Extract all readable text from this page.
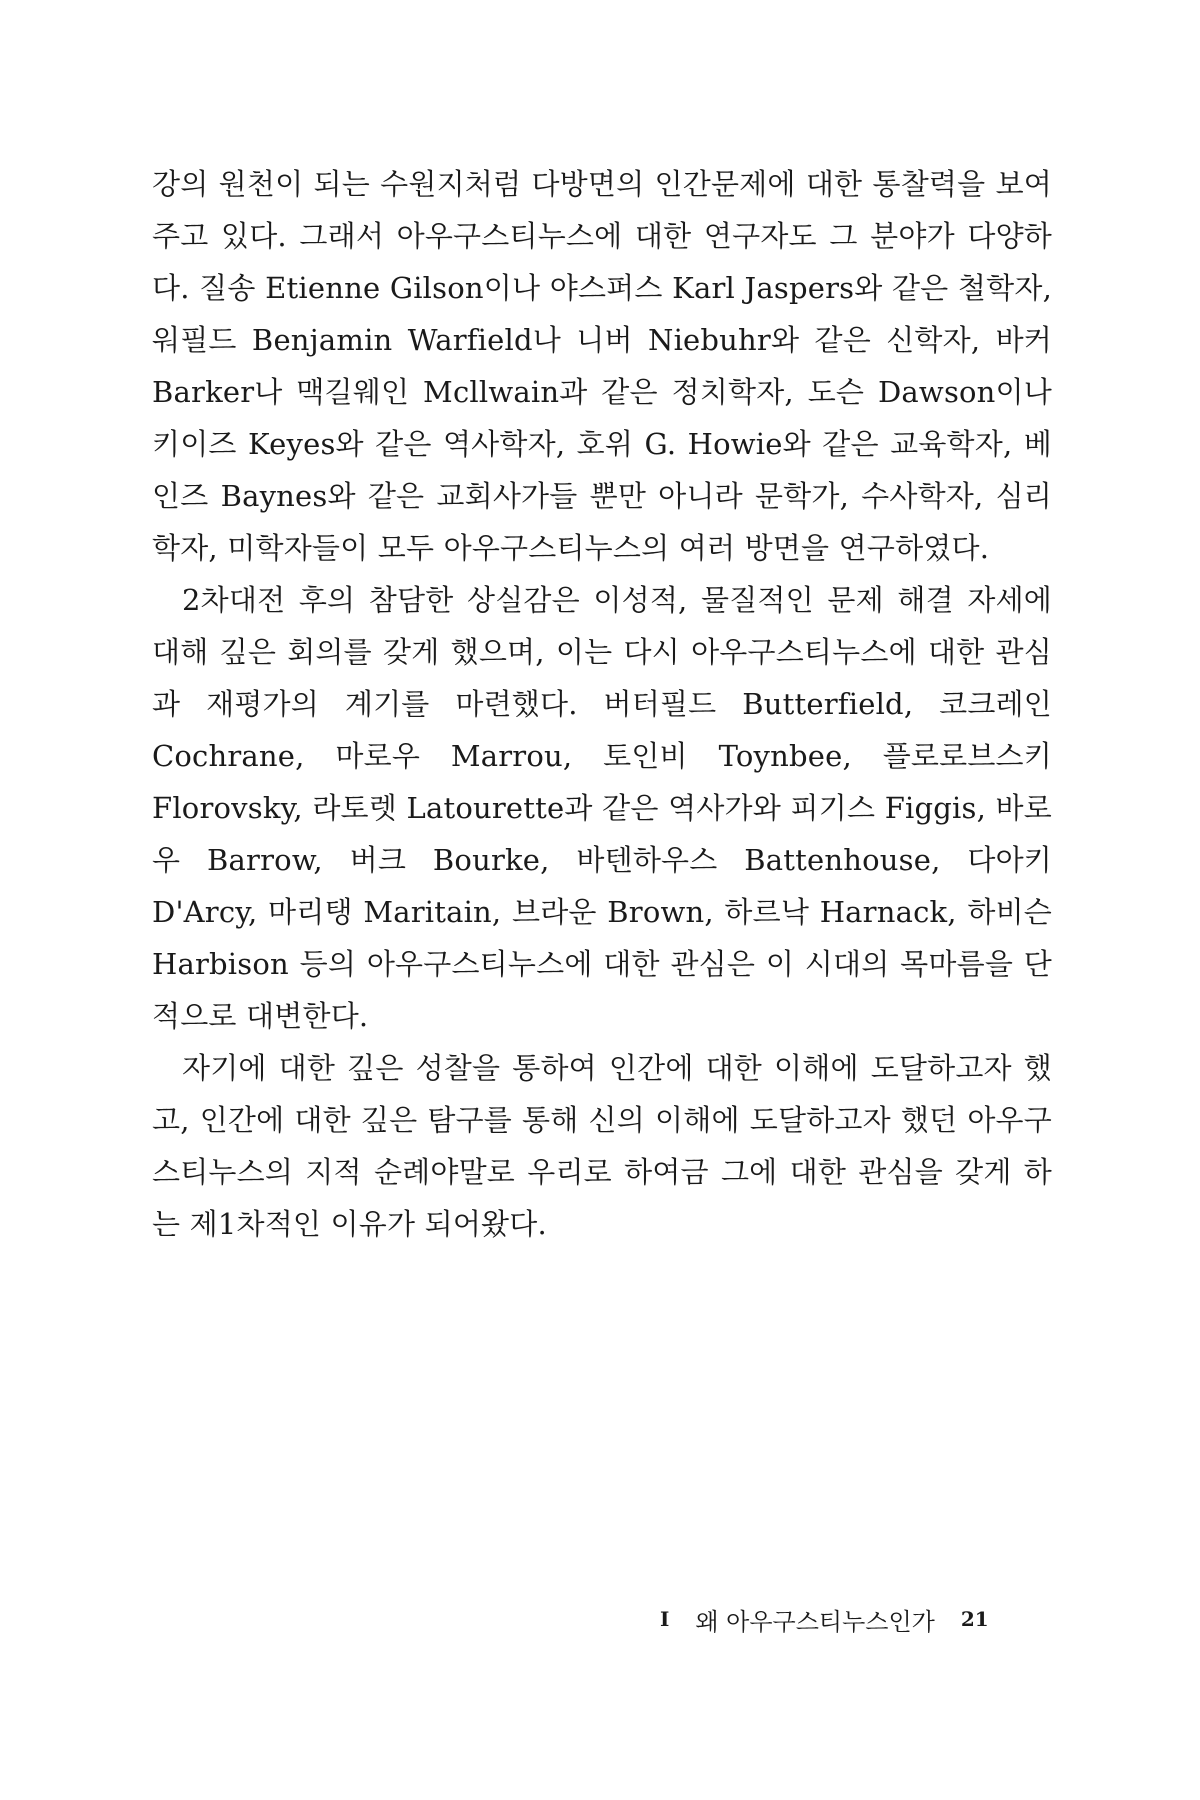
강의 원천이 되는 수원지처럼 다방면의 인간문제에 대한 통찰력을 보여주고 있다. 그래서 아우구스티누스에 대한 연구자도 그 분야가 다양하다. 질송 Etienne Gilson이나 야스퍼스 Karl Jaspers와 같은 철학자, 워필드 Benjamin Warfield나 니버 Niebuhr와 같은 신학자, 바커 Barker나 맥길웨인 Mcllwain과 같은 정치학자, 도슨 Dawson이나 키이즈 Keyes와 같은 역사학자, 호위 G. Howie와 같은 교육학자, 베인즈 Baynes와 같은 교회사가들 뿐만 아니라 문학가, 수사학자, 심리학자, 미학자들이 모두 아우구스티누스의 여러 방면을 연구하였다.

2차대전 후의 참담한 상실감은 이성적, 물질적인 문제 해결 자세에 대해 깊은 회의를 갖게 했으며, 이는 다시 아우구스티누스에 대한 관심과 재평가의 계기를 마련했다. 버터필드 Butterfield, 코크레인 Cochrane, 마로우 Marrou, 토인비 Toynbee, 플로로브스키 Florovsky, 라토렛 Latourette과 같은 역사가와 피기스 Figgis, 바로우 Barrow, 버크 Bourke, 바텐하우스 Battenhouse, 다아키 D'Arcy, 마리탱 Maritain, 브라운 Brown, 하르낙 Harnack, 하비슨 Harbison 등의 아우구스티누스에 대한 관심은 이 시대의 목마름을 단적으로 대변한다.

자기에 대한 깊은 성찰을 통하여 인간에 대한 이해에 도달하고자 했고, 인간에 대한 깊은 탐구를 통해 신의 이해에 도달하고자 했던 아우구스티누스의 지적 순례야말로 우리로 하여금 그에 대한 관심을 갖게 하는 제1차적인 이유가 되어왔다.

I 왜 아우구스티누스인가 21
